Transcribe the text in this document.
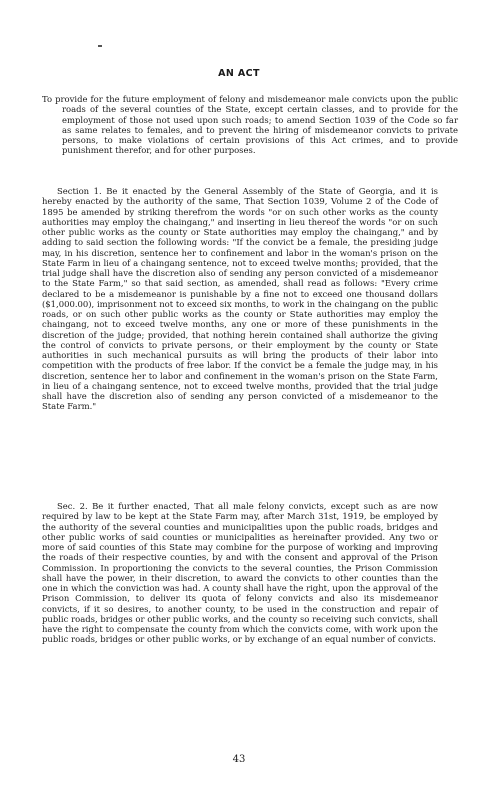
AN ACT

To provide for the future employment of felony and misdemeanor male convicts upon the public roads of the several counties of the State, except certain classes, and to provide for the employment of those not used upon such roads; to amend Section 1039 of the Code so far as same relates to females, and to prevent the hiring of misdemeanor convicts to private persons, to make violations of certain provisions of this Act crimes, and to provide punishment therefor, and for other purposes.

Section 1. Be it enacted by the General Assembly of the State of Georgia, and it is hereby enacted by the authority of the same, That Section 1039, Volume 2 of the Code of 1895 be amended by striking therefrom the words "or on such other works as the county authorities may employ the chaingang," and inserting in lieu thereof the words "or on such other public works as the county or State authorities may employ the chaingang," and by adding to said section the following words: "If the convict be a female, the presiding judge may, in his discretion, sentence her to confinement and labor in the woman's prison on the State Farm in lieu of a chaingang sentence, not to exceed twelve months; provided, that the trial judge shall have the discretion also of sending any person convicted of a misdemeanor to the State Farm," so that said section, as amended, shall read as follows: "Every crime declared to be a misdemeanor is punishable by a fine not to exceed one thousand dollars ($1,000.00), imprisonment not to exceed six months, to work in the chaingang on the public roads, or on such other public works as the county or State authorities may employ the chaingang, not to exceed twelve months, any one or more of these punishments in the discretion of the judge; provided, that nothing herein contained shall authorize the giving the control of convicts to private persons, or their employment by the county or State authorities in such mechanical pursuits as will bring the products of their labor into competition with the products of free labor. If the convict be a female the judge may, in his discretion, sentence her to labor and confinement in the woman's prison on the State Farm, in lieu of a chaingang sentence, not to exceed twelve months, provided that the trial judge shall have the discretion also of sending any person convicted of a misdemeanor to the State Farm."

Sec. 2. Be it further enacted, That all male felony convicts, except such as are now required by law to be kept at the State Farm may, after March 31st, 1919, be employed by the authority of the several counties and municipalities upon the public roads, bridges and other public works of said counties or municipalities as hereinafter provided. Any two or more of said counties of this State may combine for the purpose of working and improving the roads of their respective counties, by and with the consent and approval of the Prison Commission. In proportioning the convicts to the several counties, the Prison Commission shall have the power, in their discretion, to award the convicts to other counties than the one in which the conviction was had. A county shall have the right, upon the approval of the Prison Commission, to deliver its quota of felony convicts and also its misdemeanor convicts, if it so desires, to another county, to be used in the construction and repair of public roads, bridges or other public works, and the county so receiving such convicts, shall have the right to compensate the county from which the convicts come, with work upon the public roads, bridges or other public works, or by exchange of an equal number of convicts.

43
